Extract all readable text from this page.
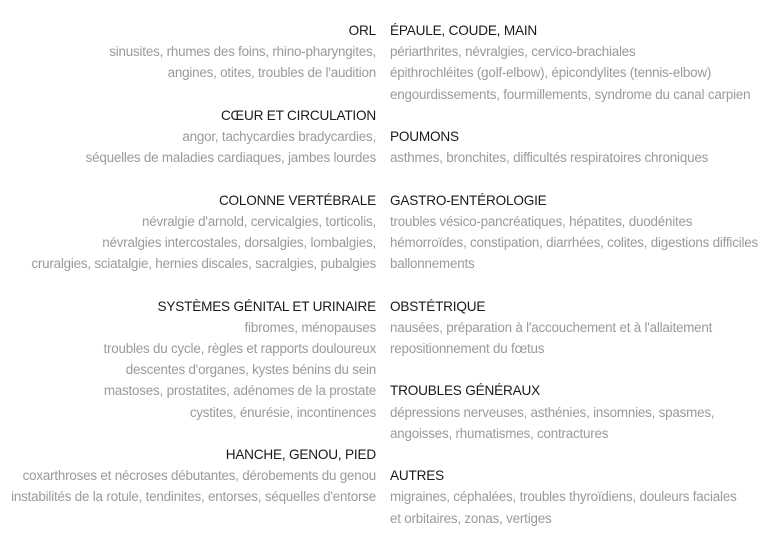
ORL
sinusites, rhumes des foins, rhino-pharyngites,
angines, otites, troubles de l'audition
CŒUR ET CIRCULATION
angor, tachycardies bradycardies,
séquelles de maladies cardiaques, jambes lourdes
COLONNE VERTÉBRALE
névralgie d'arnold, cervicalgies, torticolis,
névralgies intercostales, dorsalgies, lombalgies,
cruralgies, sciatalgie, hernies discales, sacralgies, pubalgies
SYSTÈMES GÉNITAL ET URINAIRE
fibromes, ménopauses
troubles du cycle, règles et rapports douloureux
descentes d'organes, kystes bénins du sein
mastoses, prostatites, adénomes de la prostate
cystites, énurésie, incontinences
HANCHE, GENOU, PIED
coxarthroses et nécroses débutantes, dérobements du genou
instabilités de la rotule, tendinites, entorses, séquelles d'entorse
ÉPAULE, COUDE, MAIN
périarthrites, névralgies, cervico-brachiales
épithrochléites (golf-elbow), épicondylites (tennis-elbow)
engourdissements, fourmillements, syndrome du canal carpien
POUMONS
asthmes, bronchites, difficultés respiratoires chroniques
GASTRO-ENTÉROLOGIE
troubles vésico-pancréatiques, hépatites, duodénites
hémorroïdes, constipation, diarrhées, colites, digestions difficiles
ballonnements
OBSTÉTRIQUE
nausées, préparation à l'accouchement et à l'allaitement
repositionnement du fœtus
TROUBLES GÉNÉRAUX
dépressions nerveuses, asthénies, insomnies, spasmes,
angoisses, rhumatismes, contractures
AUTRES
migraines, céphalées, troubles thyroïdiens, douleurs faciales
et orbitaires, zonas, vertiges
